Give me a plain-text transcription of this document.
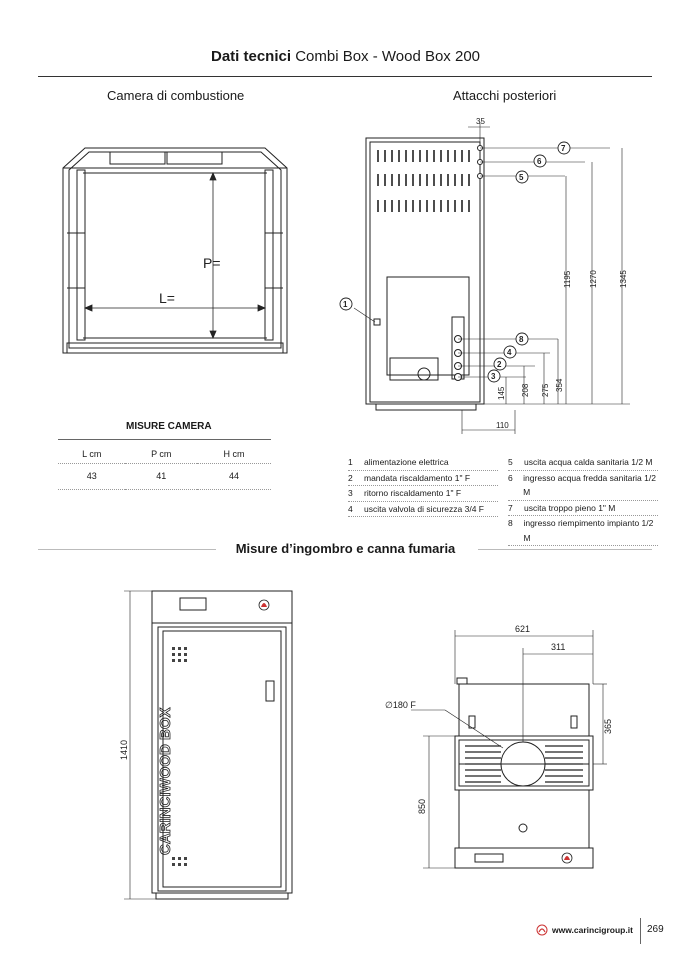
Dati tecnici Combi Box - Wood Box 200
Camera di combustione	Attacchi posteriori
P=
L=
35
1195 1270	1345
145 208 275 354
110
1
2
3
4
5
6
7
8
MISURE CAMERA
L cm	P cm	H cm
43	41	44
1	alimentazione elettrica
2	mandata riscaldamento 1" F
3	ritorno riscaldamento 1" F
4	uscita valvola di sicurezza 3/4 F
5	uscita acqua calda sanitaria 1/2 M
6	ingresso acqua fredda sanitaria 1/2 M
7	uscita troppo pieno 1" M
8	ingresso riempimento impianto 1/2 M
Misure d’ingombro e canna fumaria
CARINCIWOOD BOX
1410
621
311
365
850
∅180 F
www.carincigroup.it 269
